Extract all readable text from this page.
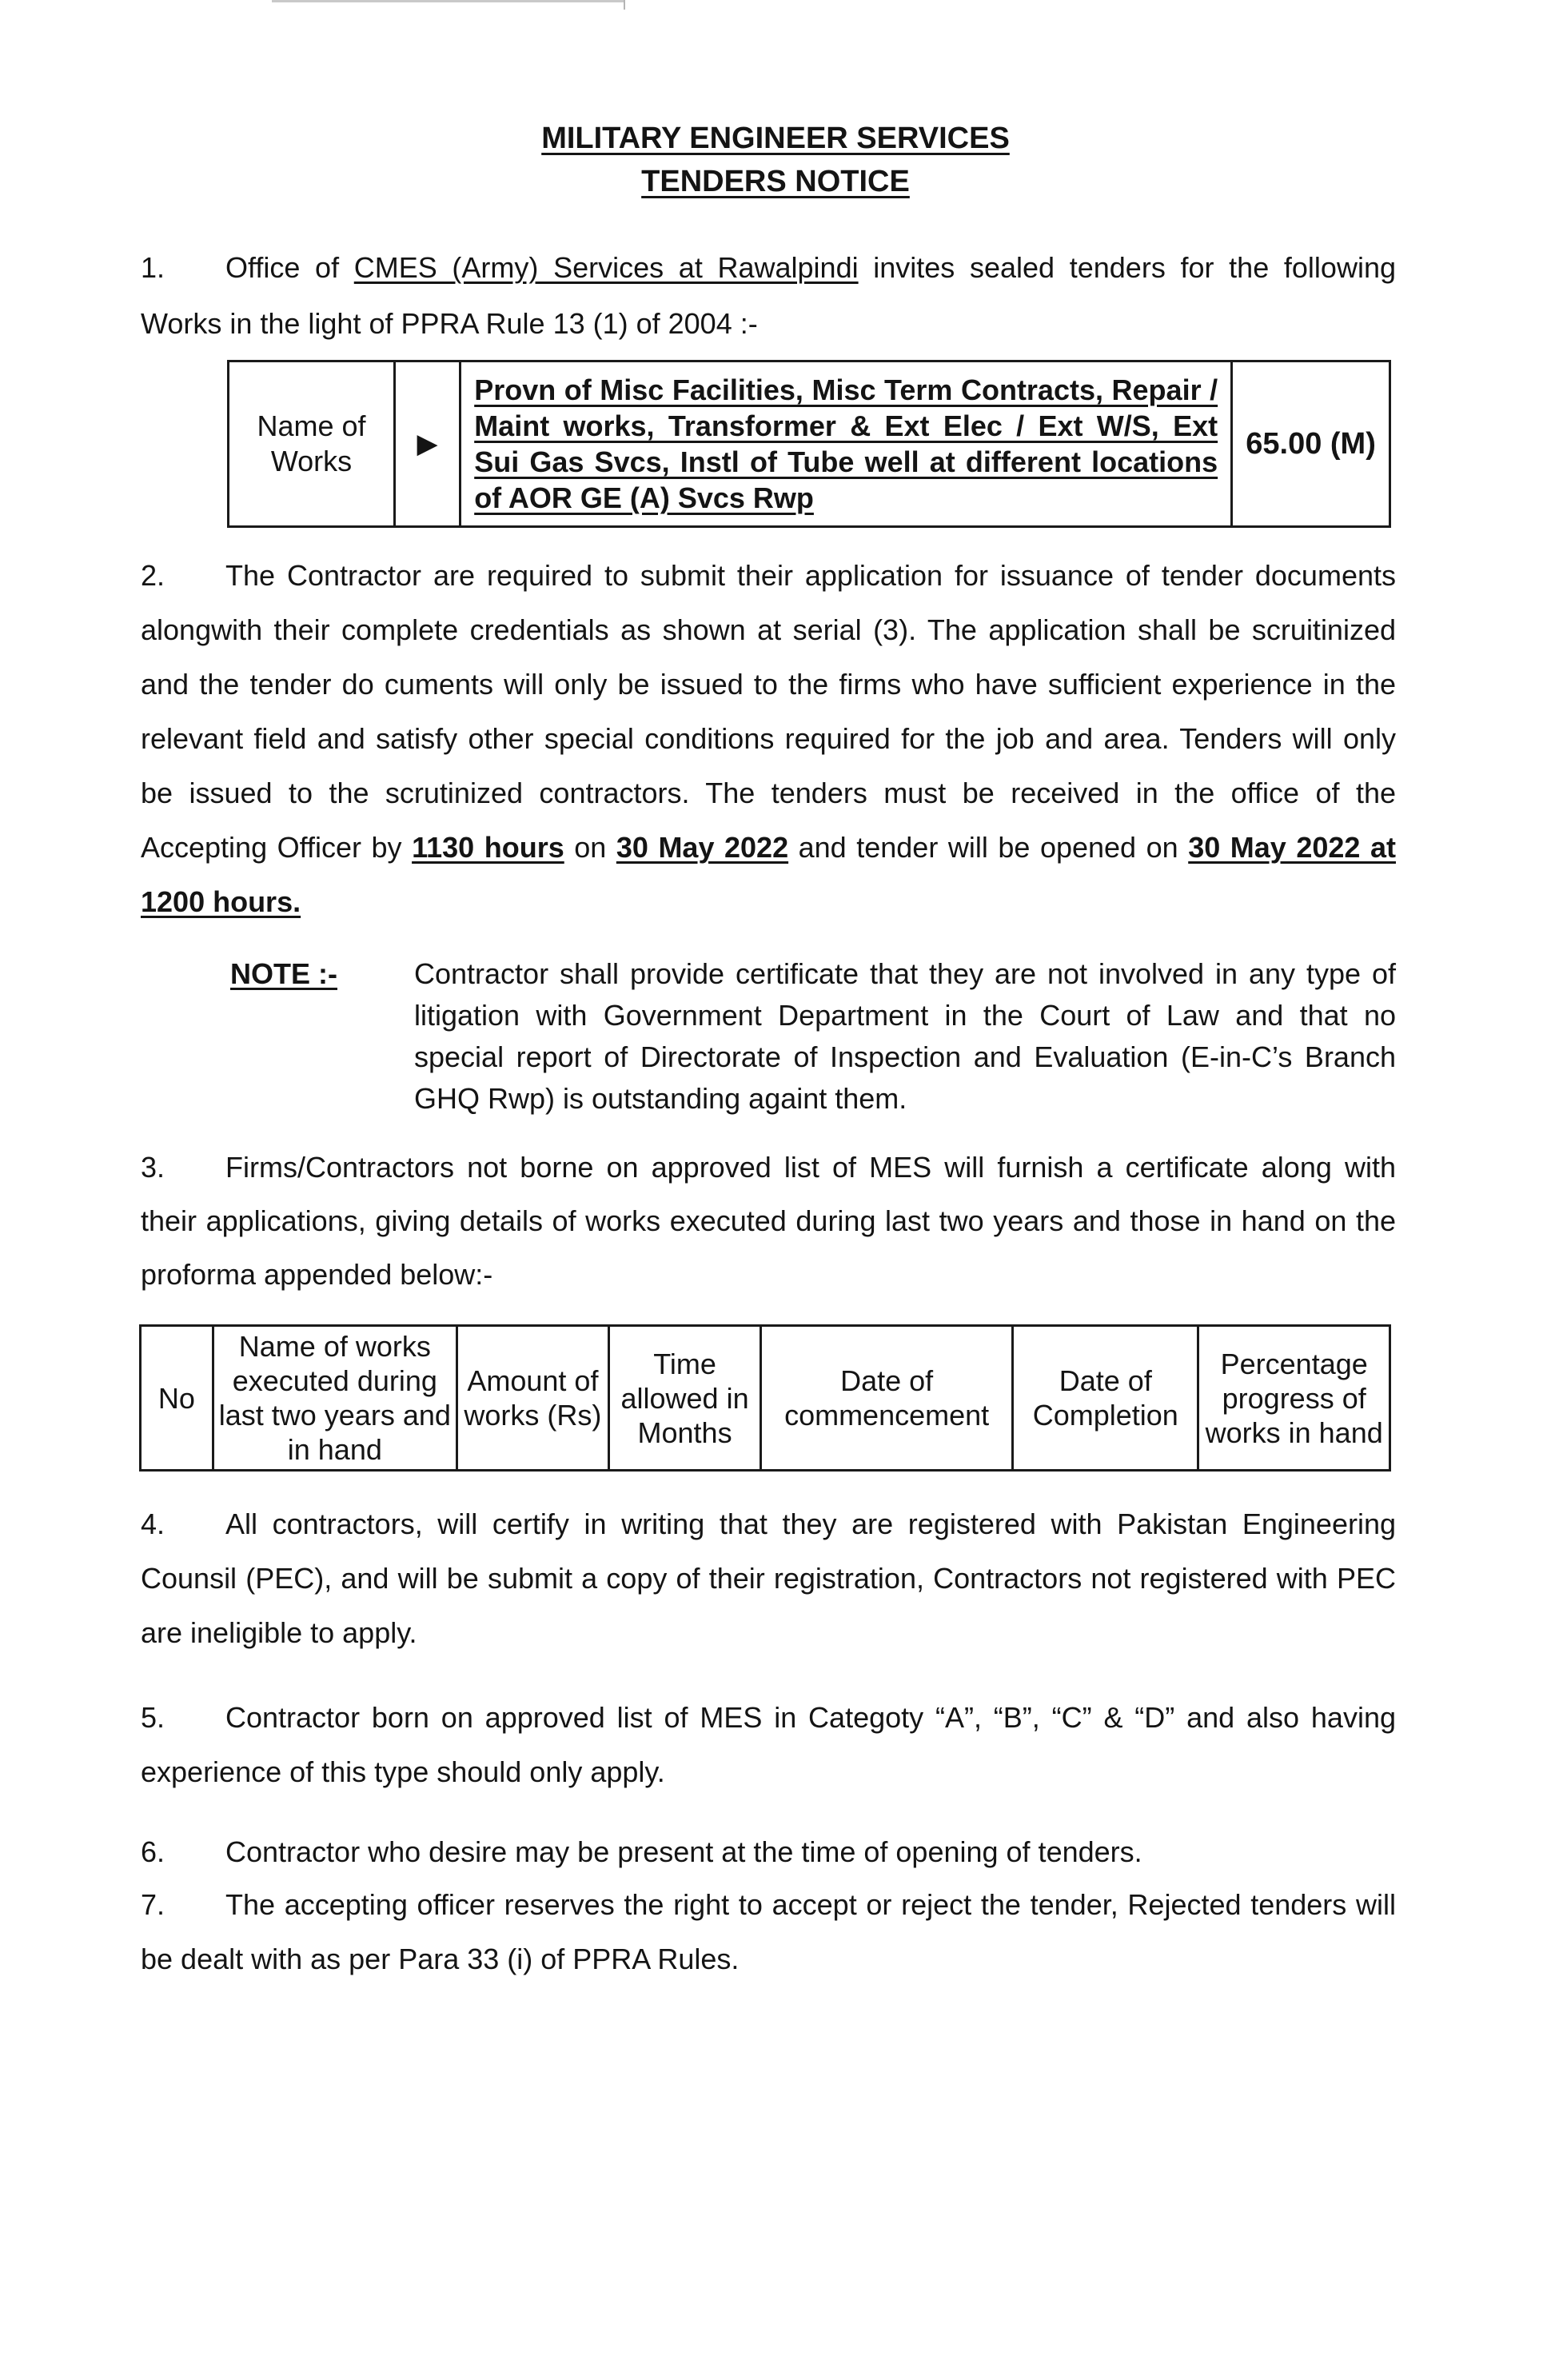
MILITARY ENGINEER SERVICES
TENDERS NOTICE

1. Office of CMES (Army) Services at Rawalpindi invites sealed tenders for the following Works in the light of PPRA Rule 13 (1) of 2004 :-

Name of Works	▶	Provn of Misc Facilities, Misc Term Contracts, Repair / Maint works, Transformer & Ext Elec / Ext W/S, Ext Sui Gas Svcs, Instl of Tube well at different locations of AOR GE (A) Svcs Rwp	65.00 (M)

2. The Contractor are required to submit their application for issuance of tender documents alongwith their complete credentials as shown at serial (3). The application shall be scruitinized and the tender do cuments will only be issued to the firms who have sufficient experience in the relevant field and satisfy other special conditions required for the job and area. Tenders will only be issued to the scrutinized contractors. The tenders must be received in the office of the Accepting Officer by 1130 hours on 30 May 2022 and tender will be opened on 30 May 2022 at 1200 hours.

NOTE :-	Contractor shall provide certificate that they are not involved in any type of litigation with Government Department in the Court of Law and that no special report of Directorate of Inspection and Evaluation (E-in-C’s Branch GHQ Rwp) is outstanding againt them.

3. Firms/Contractors not borne on approved list of MES will furnish a certificate along with their applications, giving details of works executed during last two years and those in hand on the proforma appended below:-

No	Name of works executed during last two years and in hand	Amount of works (Rs)	Time allowed in Months	Date of commencement	Date of Completion	Percentage progress of works in hand

4. All contractors, will certify in writing that they are registered with Pakistan Engineering Counsil (PEC), and will be submit a copy of their registration, Contractors not registered with PEC are ineligible to apply.

5. Contractor born on approved list of MES in Categoty “A”, “B”, “C” & “D” and also having experience of this type should only apply.

6. Contractor who desire may be present at the time of opening of tenders.

7. The accepting officer reserves the right to accept or reject the tender, Rejected tenders will be dealt with as per Para 33 (i) of PPRA Rules.
